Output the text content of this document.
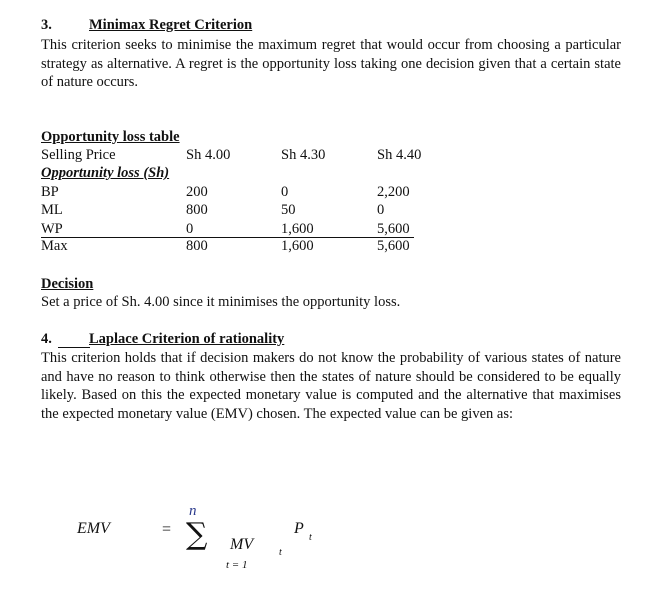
3.	Minimax Regret Criterion
This criterion seeks to minimise the maximum regret that would occur from choosing a particular strategy as alternative. A regret is the opportunity loss taking one decision given that a certain state of nature occurs.
Opportunity loss table
Selling Price	Sh 4.00	Sh 4.30	Sh 4.40
Opportunity loss (Sh)
BP	200	0	2,200
ML	800	50	0
WP	0	1,600	5,600
Max	800	1,600	5,600
Decision
Set a price of Sh. 4.00 since it minimises the opportunity loss.
4.	Laplace Criterion of rationality
This criterion holds that if decision makers do not know the probability of various states of nature and have no reason to think otherwise then the states of nature should be considered to be equally likely. Based on this the expected monetary value is computed and the alternative that maximises the expected monetary value (EMV) chosen. The expected value can be given as:
EMV	=
n
∑
t = 1
MV	t
P
t
